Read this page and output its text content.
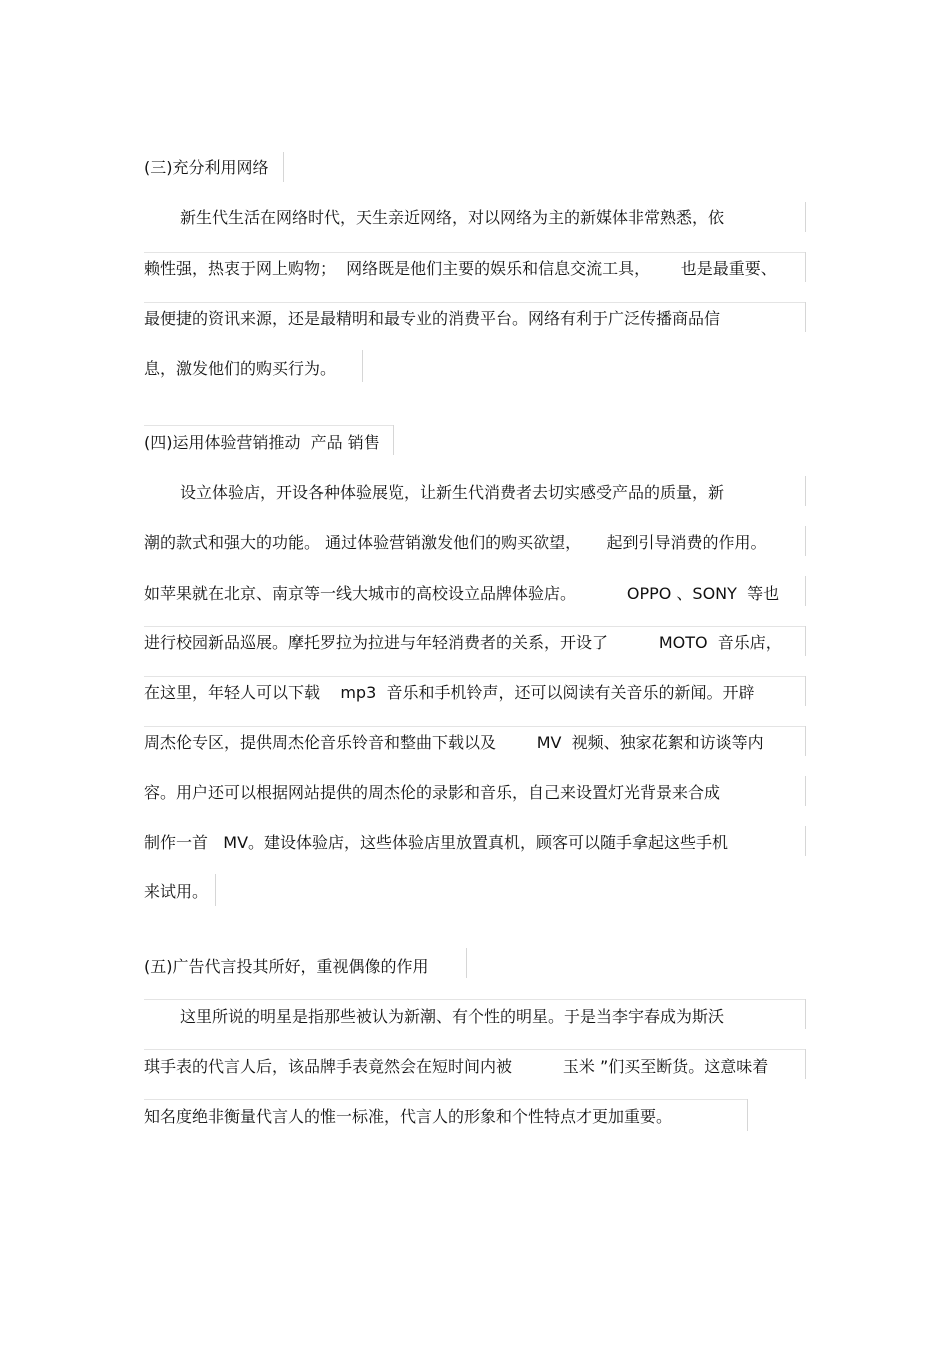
(三)充分利用网络
新生代生活在网络时代，天生亲近网络，对以网络为主的新媒体非常熟悉，依
赖性强，热衷于网上购物；  网络既是他们主要的娱乐和信息交流工具，      也是最重要、
最便捷的资讯来源，还是最精明和最专业的消费平台。网络有利于广泛传播商品信
息，激发他们的购买行为。
(四)运用体验营销推动  产品 销售
设立体验店，开设各种体验展览，让新生代消费者去切实感受产品的质量，新
潮的款式和强大的功能。 通过体验营销激发他们的购买欲望，     起到引导消费的作用。
如苹果就在北京、南京等一线大城市的高校设立品牌体验店。          OPPO 、SONY  等也
进行校园新品巡展。摩托罗拉为拉进与年轻消费者的关系，开设了          MOTO  音乐店，
在这里，年轻人可以下载    mp3  音乐和手机铃声，还可以阅读有关音乐的新闻。开辟
周杰伦专区，提供周杰伦音乐铃音和整曲下载以及        MV  视频、独家花絮和访谈等内
容。用户还可以根据网站提供的周杰伦的录影和音乐，自己来设置灯光背景来合成
制作一首   MV。建设体验店，这些体验店里放置真机，顾客可以随手拿起这些手机
来试用。
(五)广告代言投其所好，重视偶像的作用
这里所说的明星是指那些被认为新潮、有个性的明星。于是当李宇春成为斯沃
琪手表的代言人后，该品牌手表竟然会在短时间内被          玉米 ”们买至断货。这意味着
知名度绝非衡量代言人的惟一标准，代言人的形象和个性特点才更加重要。
